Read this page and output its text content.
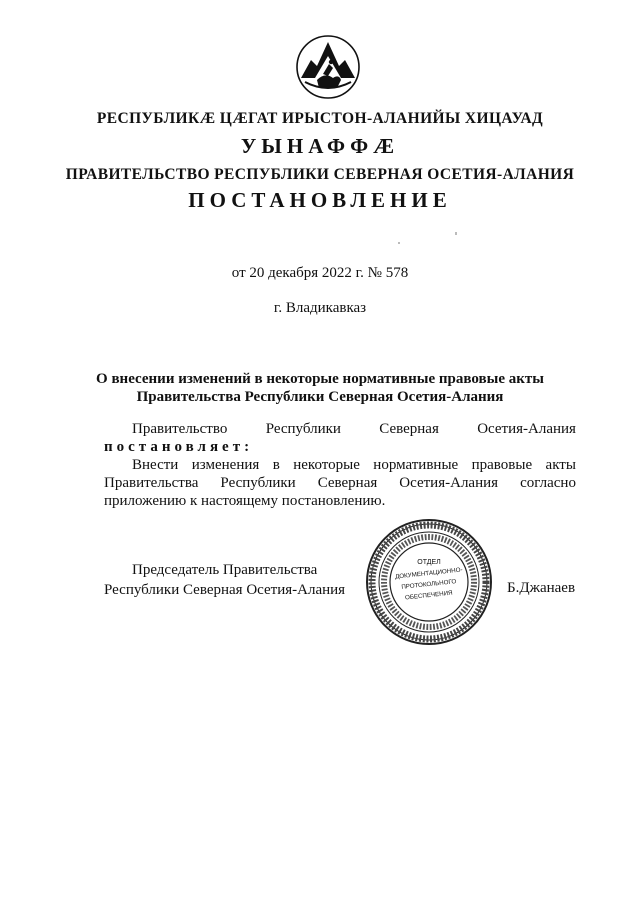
РЕСПУБЛИКӔ ЦӔГАТ ИРЫСТОН-АЛАНИЙЫ ХИЦАУАД
УЫНАФФӔ
ПРАВИТЕЛЬСТВО РЕСПУБЛИКИ СЕВЕРНАЯ ОСЕТИЯ-АЛАНИЯ
ПОСТАНОВЛЕНИЕ
от 20 декабря 2022 г. № 578
г. Владикавказ
О внесении изменений в некоторые нормативные правовые акты
Правительства Республики Северная Осетия-Алания
Правительство	Республики	Северная	Осетия-Алания
постановляет:
Внести изменения в некоторые нормативные правовые акты
Правительства Республики Северная Осетия-Алания согласно
приложению к настоящему постановлению.
Председатель Правительства
Республики Северная Осетия-Алания
ОТДЕЛ
ДОКУМЕНТАЦИОННО-
ПРОТОКОЛЬНОГО
ОБЕСПЕЧЕНИЯ	Б.Джанаев
